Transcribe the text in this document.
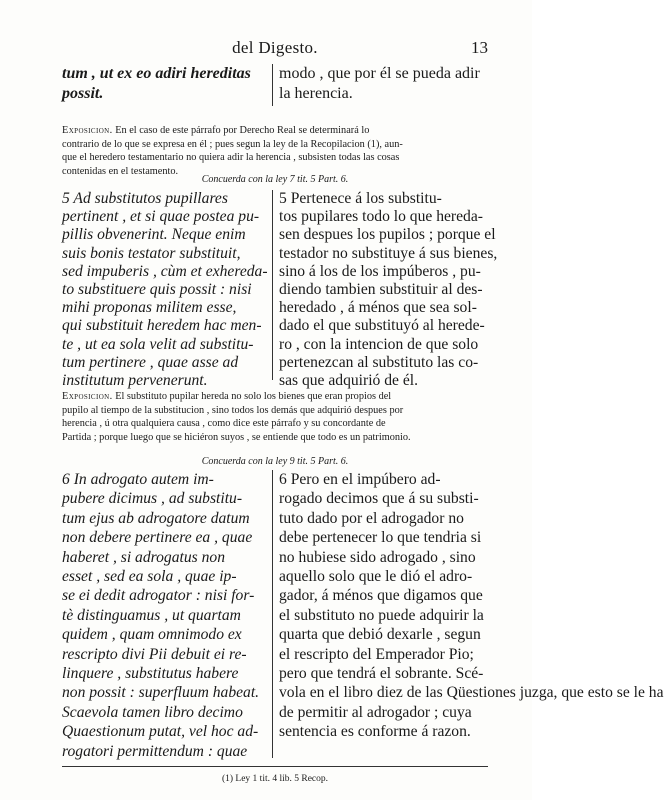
del Digesto.	13
tum , ut ex eo adiri hereditas
possit.
modo , que por él se pueda adir
la herencia.
Exposicion. En el caso de este párrafo por Derecho Real se determinará lo
contrario de lo que se expresa en él ; pues segun la ley de la Recopilacion (1), aun-
que el heredero testamentario no quiera adir la herencia , subsisten todas las cosas
contenidas en el testamento.
Concuerda con la ley 7 tit. 5 Part. 6.
5 Ad substitutos pupillares
pertinent , et si quae postea pu-
pillis obvenerint. Neque enim
suis bonis testator substituit,
sed impuberis , cùm et exhereda-
to substituere quis possit : nisi
mihi proponas militem esse,
qui substituit heredem hac men-
te , ut ea sola velit ad substitu-
tum pertinere , quae asse ad
institutum pervenerunt.
5 Pertenece á los substitu-
tos pupilares todo lo que hereda-
sen despues los pupilos ; porque el
testador no substituye á sus bienes,
sino á los de los impúberos , pu-
diendo tambien substituir al des-
heredado , á ménos que sea sol-
dado el que substituyó al herede-
ro , con la intencion de que solo
pertenezcan al substituto las co-
sas que adquirió de él.
Exposicion. El substituto pupilar hereda no solo los bienes que eran propios del
pupilo al tiempo de la substitucion , sino todos los demás que adquirió despues por
herencia , ú otra qualquiera causa , como dice este párrafo y su concordante de
Partida ; porque luego que se hiciéron suyos , se entiende que todo es un patrimonio.
Concuerda con la ley 9 tit. 5 Part. 6.
6 In adrogato autem im-
pubere dicimus , ad substitu-
tum ejus ab adrogatore datum
non debere pertinere ea , quae
haberet , si adrogatus non
esset , sed ea sola , quae ip-
se ei dedit adrogator : nisi for-
tè distinguamus , ut quartam
quidem , quam omnimodo ex
rescripto divi Pii debuit ei re-
linquere , substitutus habere
non possit : superfluum habeat.
Scaevola tamen libro decimo
Quaestionum putat, vel hoc ad-
rogatori permittendum : quae
6 Pero en el impúbero ad-
rogado decimos que á su substi-
tuto dado por el adrogador no
debe pertenecer lo que tendria si
no hubiese sido adrogado , sino
aquello solo que le dió el adro-
gador, á ménos que digamos que
el substituto no puede adquirir la
quarta que debió dexarle , segun
el rescripto del Emperador Pio;
pero que tendrá el sobrante. Scé-
vola en el libro diez de las Qüestiones juzga, que esto se le ha
de permitir al adrogador ; cuya
sentencia es conforme á razon.
(1) Ley 1 tit. 4 lib. 5 Recop.
